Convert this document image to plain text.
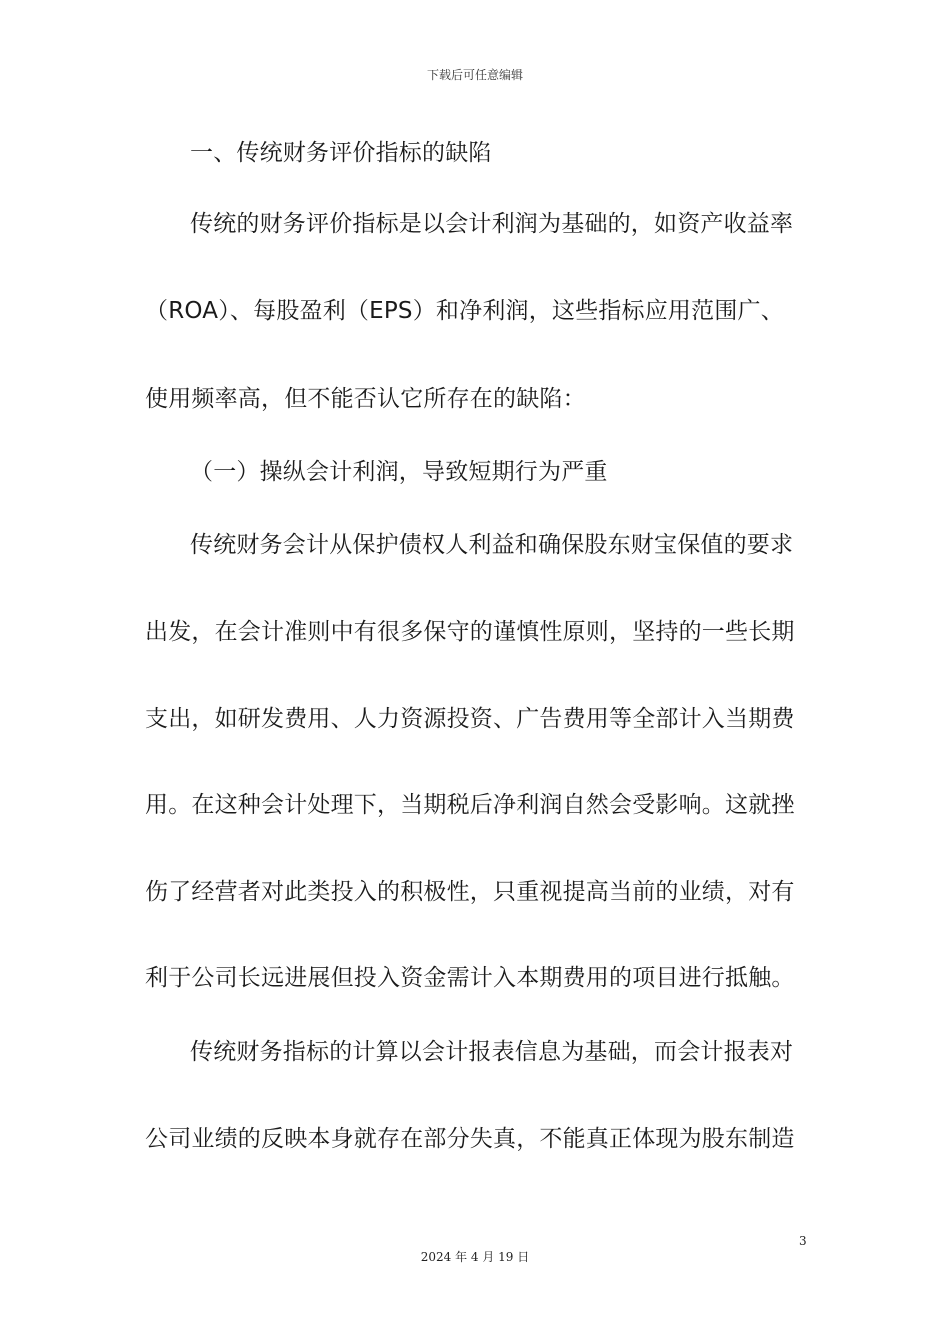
下载后可任意编辑
一、传统财务评价指标的缺陷
传统的财务评价指标是以会计利润为基础的，如资产收益率
（ROA）、每股盈利（EPS）和净利润，这些指标应用范围广、
使用频率高，但不能否认它所存在的缺陷：
（一）操纵会计利润，导致短期行为严重
传统财务会计从保护债权人利益和确保股东财宝保值的要求
出发，在会计准则中有很多保守的谨慎性原则，坚持的一些长期
支出，如研发费用、人力资源投资、广告费用等全部计入当期费
用。在这种会计处理下，当期税后净利润自然会受影响。这就挫
伤了经营者对此类投入的积极性，只重视提高当前的业绩，对有
利于公司长远进展但投入资金需计入本期费用的项目进行抵触。
传统财务指标的计算以会计报表信息为基础，而会计报表对
公司业绩的反映本身就存在部分失真，不能真正体现为股东制造
3
2024 年 4 月 19 日
